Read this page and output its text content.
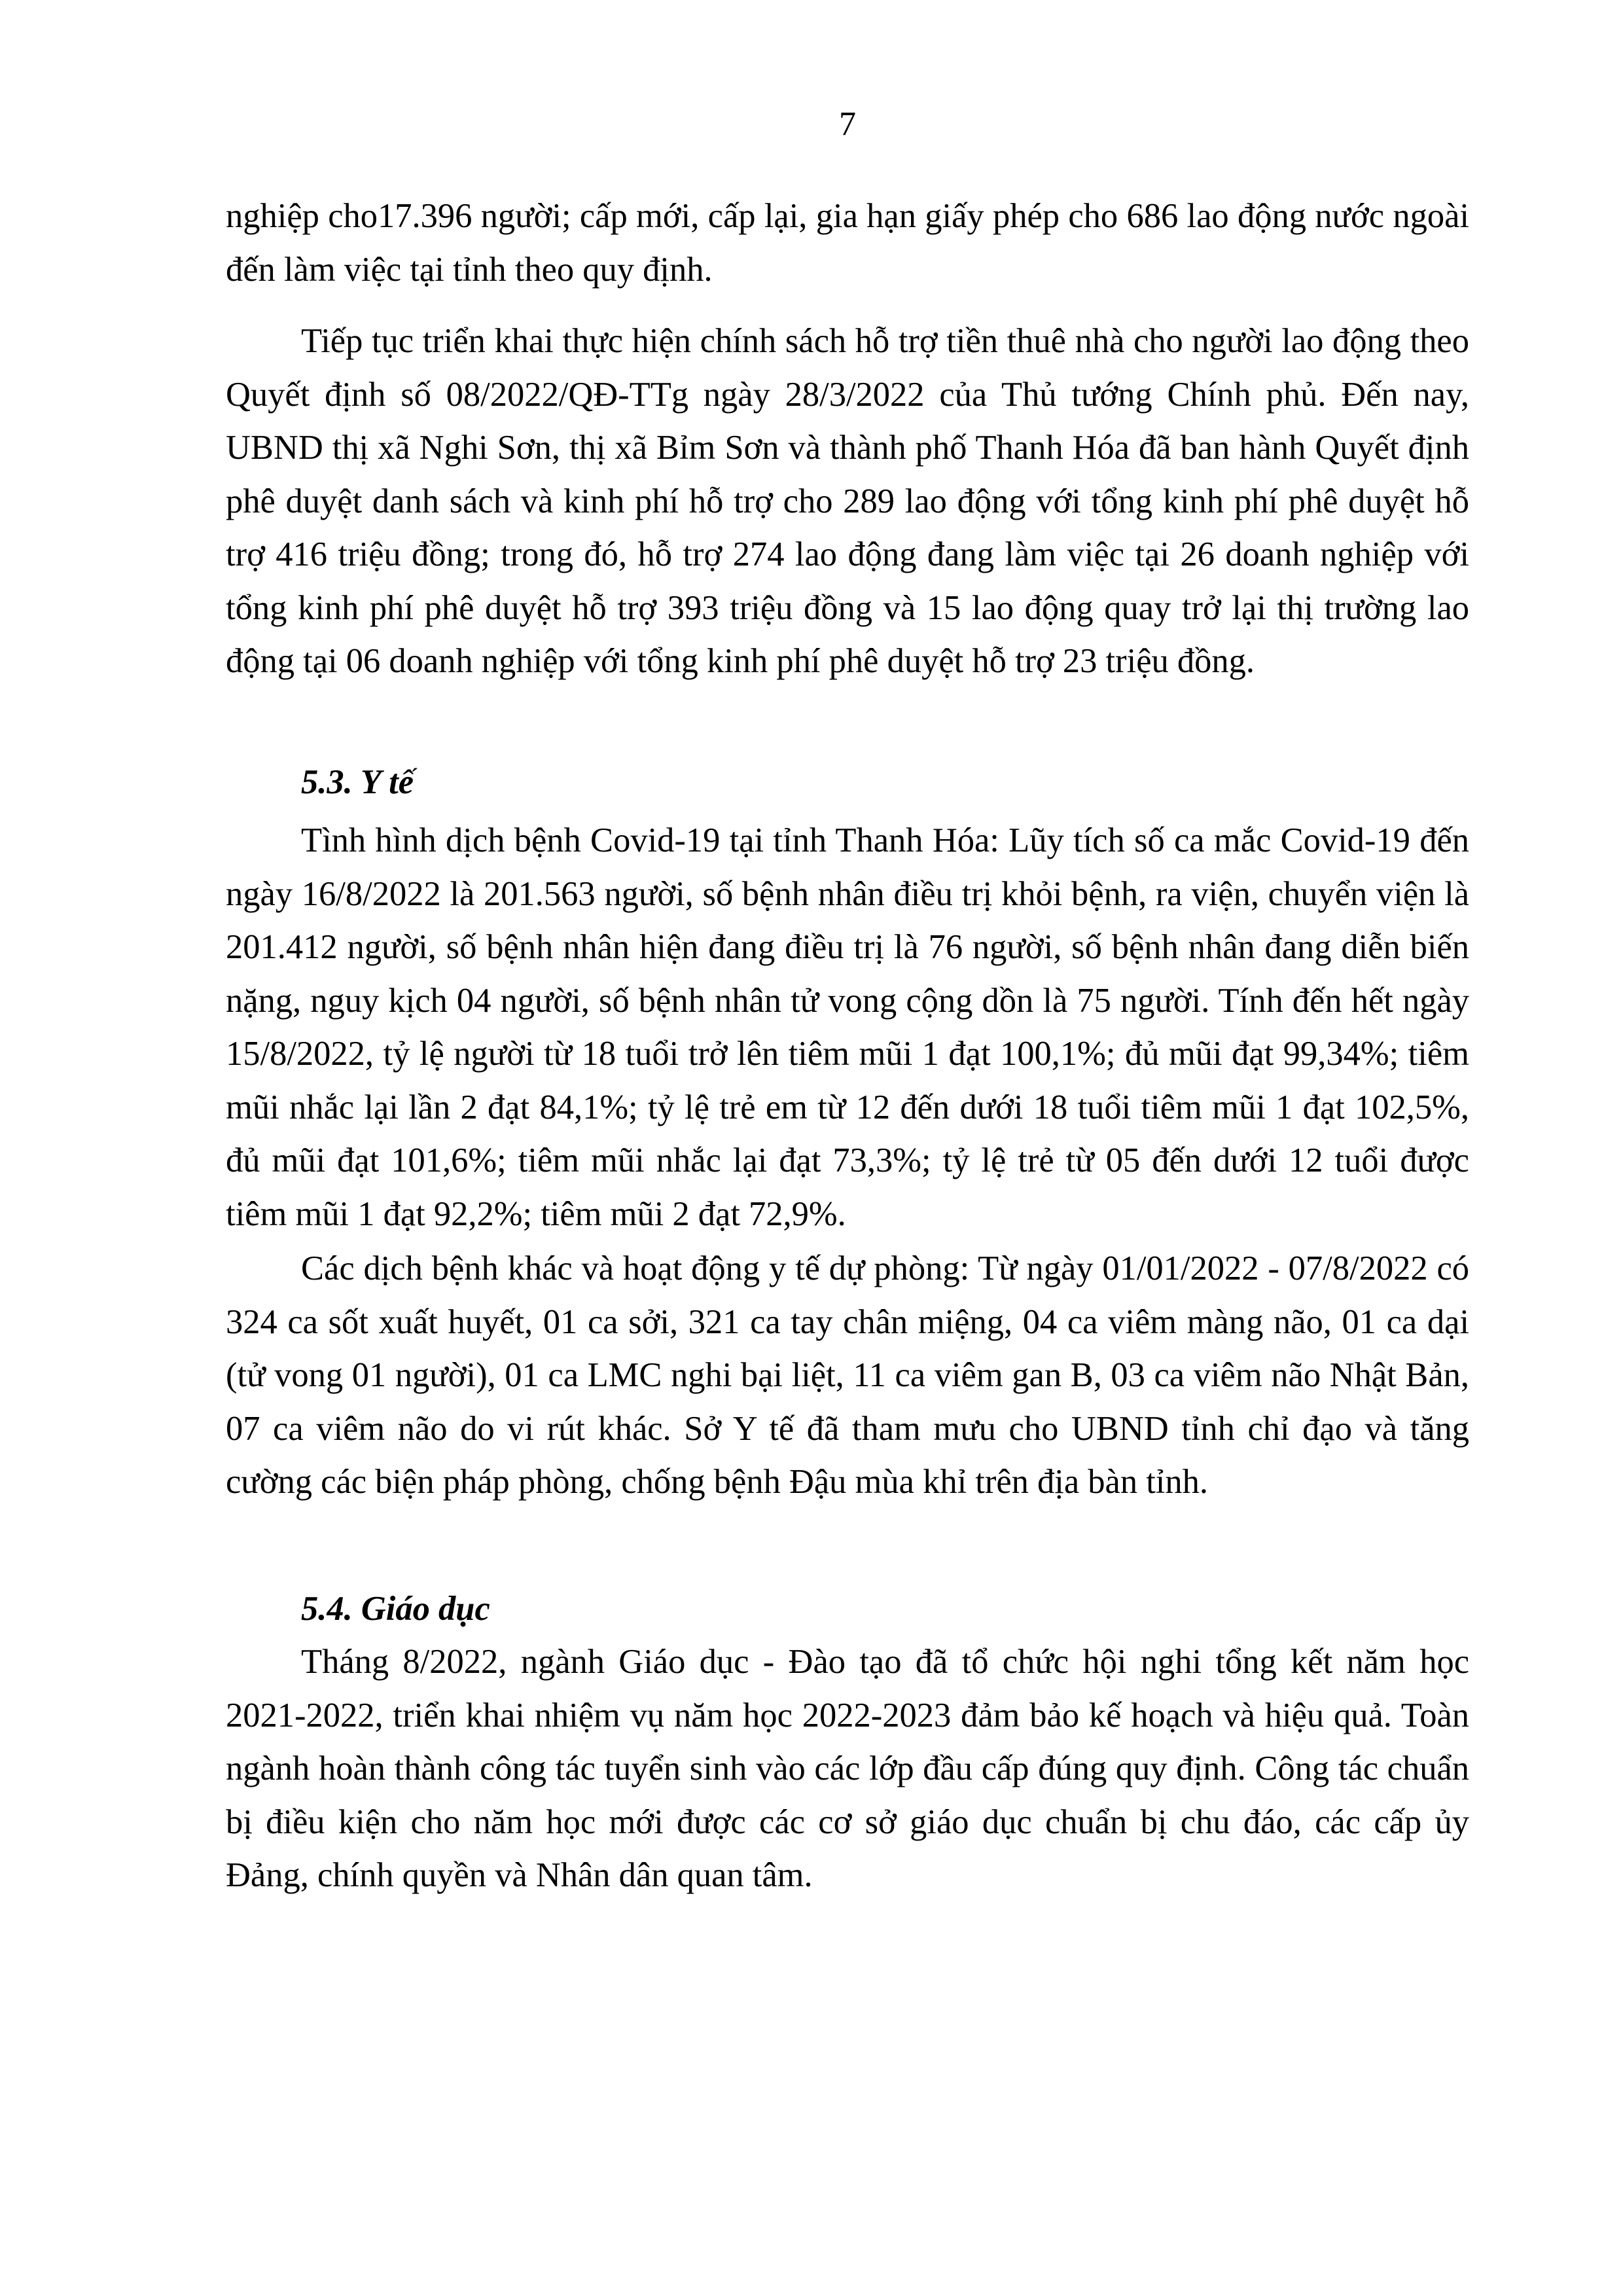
7

nghiệp cho17.396 người; cấp mới, cấp lại, gia hạn giấy phép cho 686 lao động nước ngoài đến làm việc tại tỉnh theo quy định.

Tiếp tục triển khai thực hiện chính sách hỗ trợ tiền thuê nhà cho người lao động theo Quyết định số 08/2022/QĐ-TTg ngày 28/3/2022 của Thủ tướng Chính phủ. Đến nay, UBND thị xã Nghi Sơn, thị xã Bỉm Sơn và thành phố Thanh Hóa đã ban hành Quyết định phê duyệt danh sách và kinh phí hỗ trợ cho 289 lao động với tổng kinh phí phê duyệt hỗ trợ 416 triệu đồng; trong đó, hỗ trợ 274 lao động đang làm việc tại 26 doanh nghiệp với tổng kinh phí phê duyệt hỗ trợ 393 triệu đồng và 15 lao động quay trở lại thị trường lao động tại 06 doanh nghiệp với tổng kinh phí phê duyệt hỗ trợ 23 triệu đồng.

5.3. Y tế

Tình hình dịch bệnh Covid-19 tại tỉnh Thanh Hóa: Lũy tích số ca mắc Covid-19 đến ngày 16/8/2022 là 201.563 người, số bệnh nhân điều trị khỏi bệnh, ra viện, chuyển viện là 201.412 người, số bệnh nhân hiện đang điều trị là 76 người, số bệnh nhân đang diễn biến nặng, nguy kịch 04 người, số bệnh nhân tử vong cộng dồn là 75 người. Tính đến hết ngày 15/8/2022, tỷ lệ người từ 18 tuổi trở lên tiêm mũi 1 đạt 100,1%; đủ mũi đạt 99,34%; tiêm mũi nhắc lại lần 2 đạt 84,1%; tỷ lệ trẻ em từ 12 đến dưới 18 tuổi tiêm mũi 1 đạt 102,5%, đủ mũi đạt 101,6%; tiêm mũi nhắc lại đạt 73,3%; tỷ lệ trẻ từ 05 đến dưới 12 tuổi được tiêm mũi 1 đạt 92,2%; tiêm mũi 2 đạt 72,9%.

Các dịch bệnh khác và hoạt động y tế dự phòng: Từ ngày 01/01/2022 - 07/8/2022 có 324 ca sốt xuất huyết, 01 ca sởi, 321 ca tay chân miệng, 04 ca viêm màng não, 01 ca dại (tử vong 01 người), 01 ca LMC nghi bại liệt, 11 ca viêm gan B, 03 ca viêm não Nhật Bản, 07 ca viêm não do vi rút khác. Sở Y tế đã tham mưu cho UBND tỉnh chỉ đạo và tăng cường các biện pháp phòng, chống bệnh Đậu mùa khỉ trên địa bàn tỉnh.

5.4. Giáo dục

Tháng 8/2022, ngành Giáo dục - Đào tạo đã tổ chức hội nghi tổng kết năm học 2021-2022, triển khai nhiệm vụ năm học 2022-2023 đảm bảo kế hoạch và hiệu quả. Toàn ngành hoàn thành công tác tuyển sinh vào các lớp đầu cấp đúng quy định. Công tác chuẩn bị điều kiện cho năm học mới được các cơ sở giáo dục chuẩn bị chu đáo, các cấp ủy Đảng, chính quyền và Nhân dân quan tâm.
